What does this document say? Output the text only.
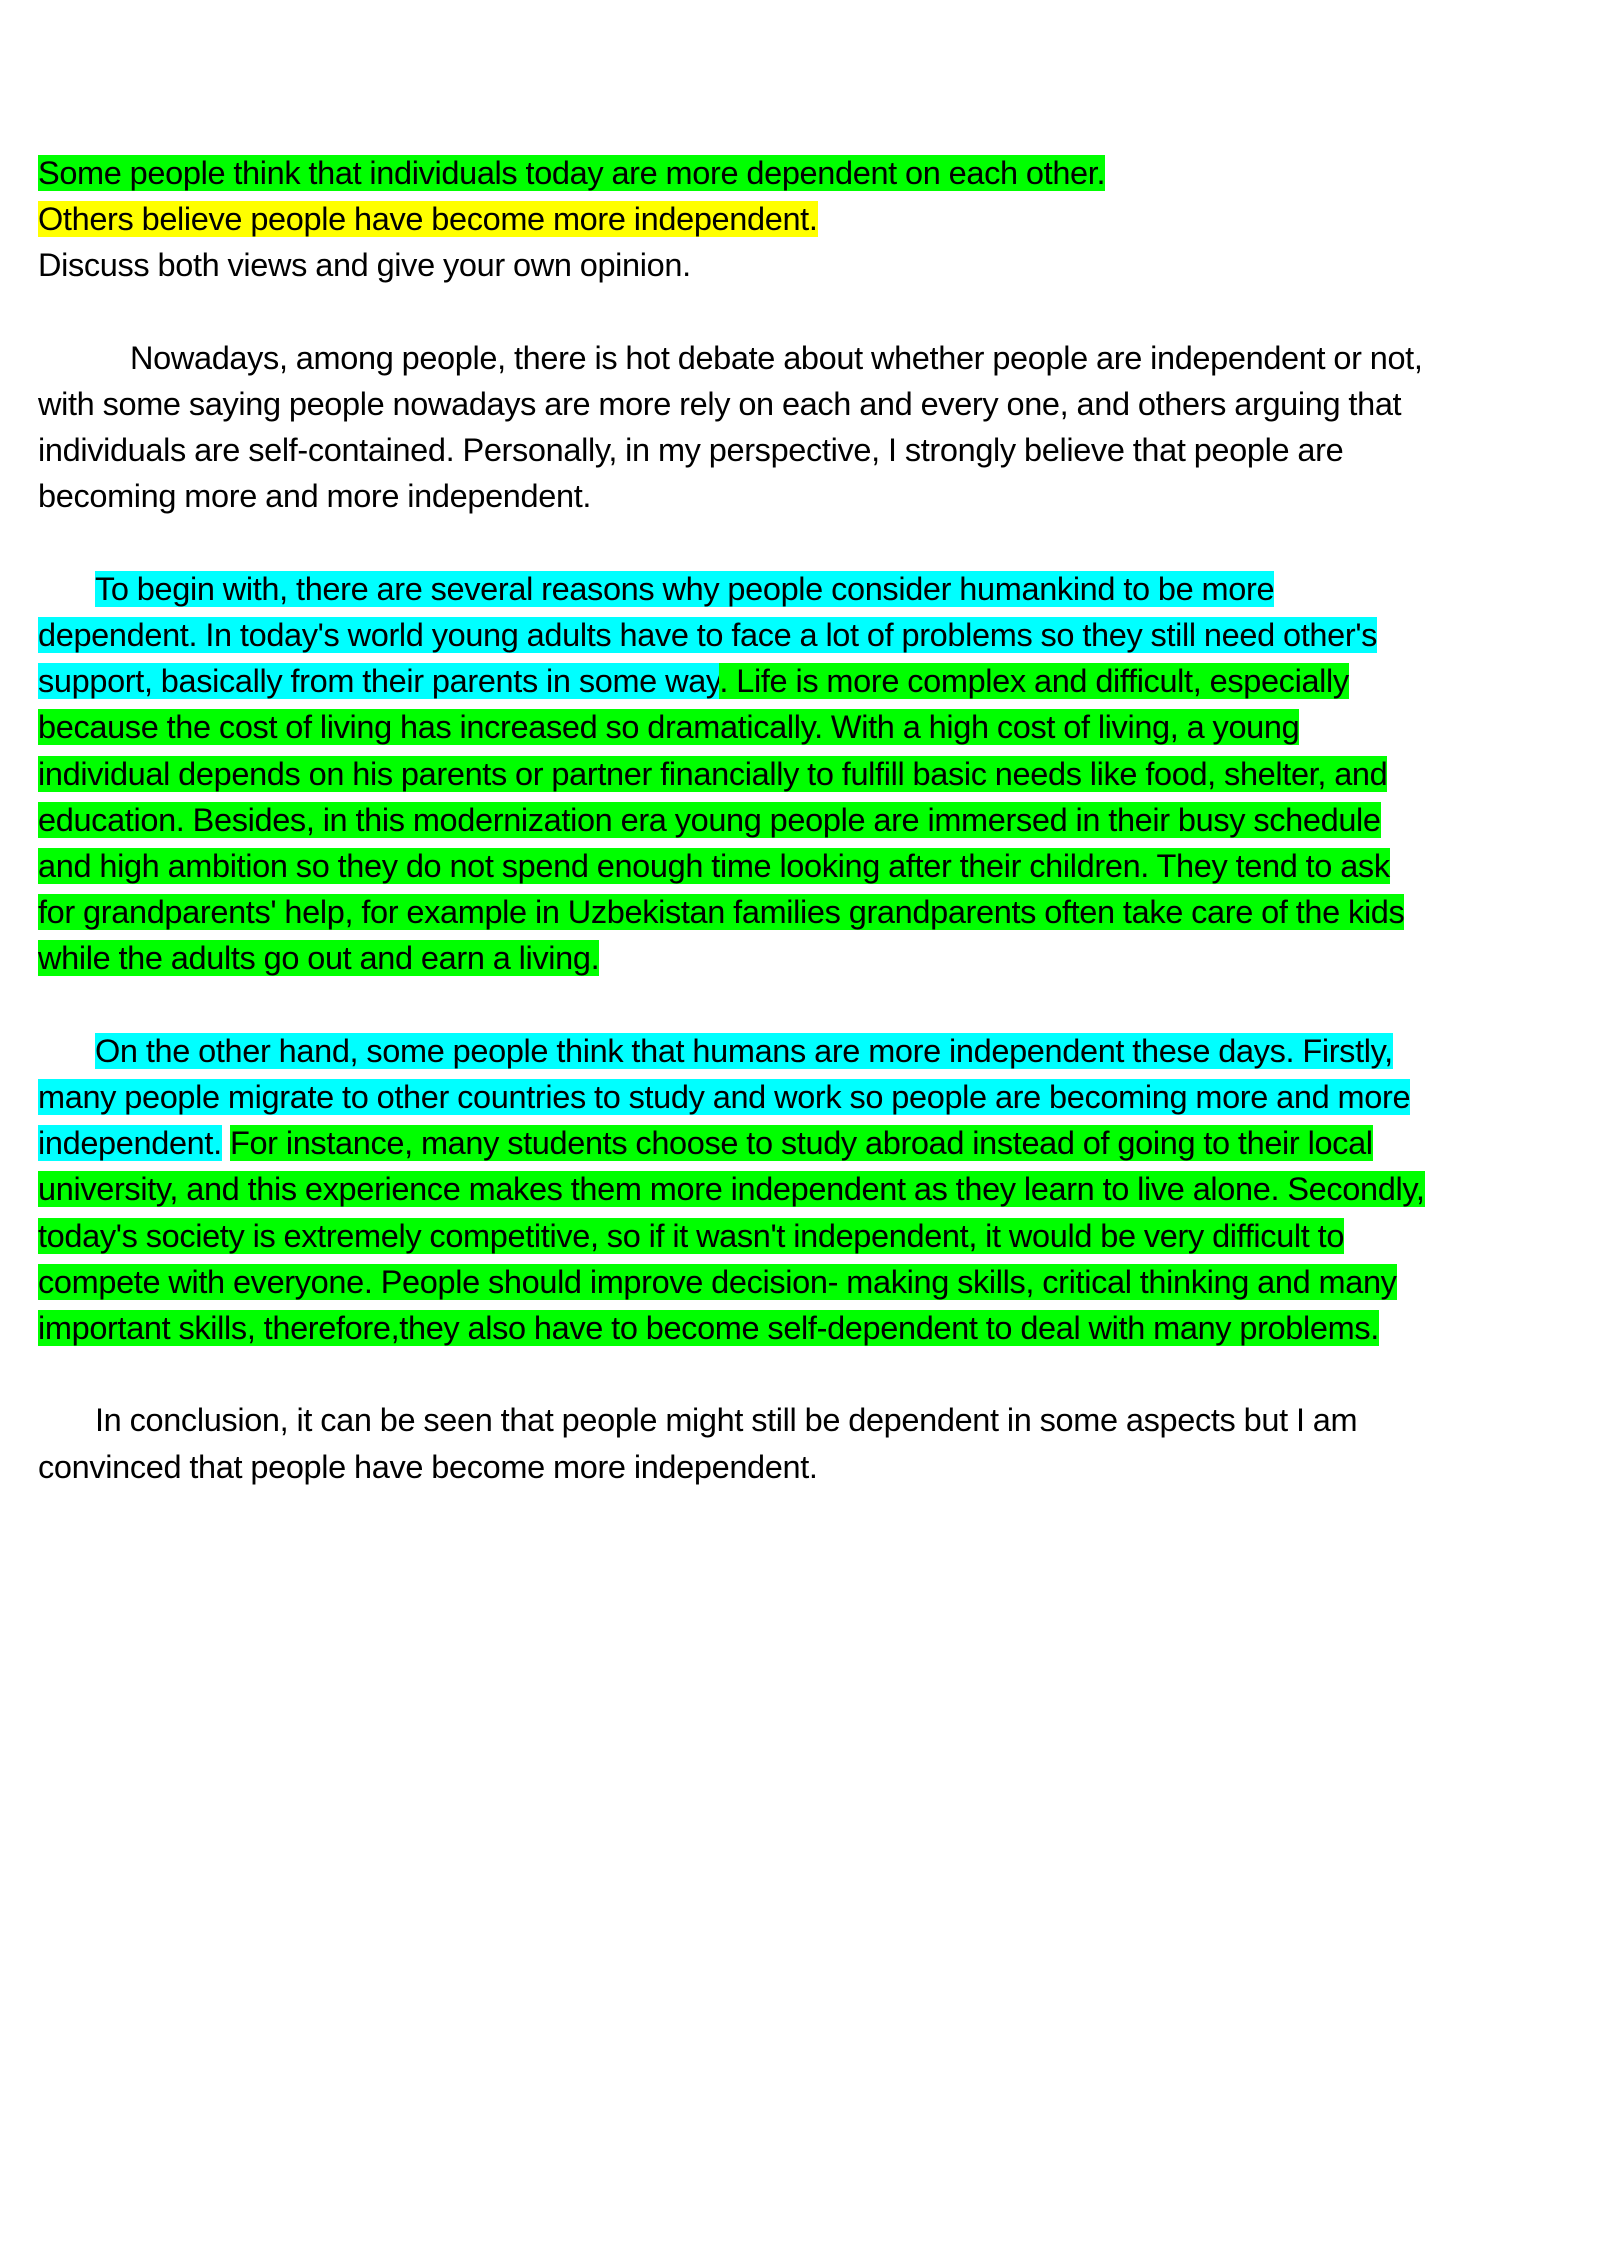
Some people think that individuals today are more dependent on each other.
Others believe people have become more independent.
Discuss both views and give your own opinion.
Nowadays, among people, there is hot debate about whether people are independent or not,
with some saying people nowadays are more rely on each and every one, and others arguing that
individuals are self-contained. Personally, in my perspective, I strongly believe that people are
becoming more and more independent.
To begin with, there are several reasons why people consider humankind to be more
dependent. In today's world young adults have to face a lot of problems so they still need other's
support, basically from their parents in some way. Life is more complex and difficult, especially
because the cost of living has increased so dramatically. With a high cost of living, a young
individual depends on his parents or partner financially to fulfill basic needs like food, shelter, and
education. Besides, in this modernization era young people are immersed in their busy schedule
and high ambition so they do not spend enough time looking after their children. They tend to ask
for grandparents' help, for example in Uzbekistan families grandparents often take care of the kids
while the adults go out and earn a living.
On the other hand, some people think that humans are more independent these days. Firstly,
many people migrate to other countries to study and work so people are becoming more and more
independent. For instance, many students choose to study abroad instead of going to their local
university, and this experience makes them more independent as they learn to live alone. Secondly,
today's society is extremely competitive, so if it wasn't independent, it would be very difficult to
compete with everyone. People should improve decision- making skills, critical thinking and many
important skills, therefore,they also have to become self-dependent to deal with many problems.
In conclusion, it can be seen that people might still be dependent in some aspects but I am
convinced that people have become more independent.
